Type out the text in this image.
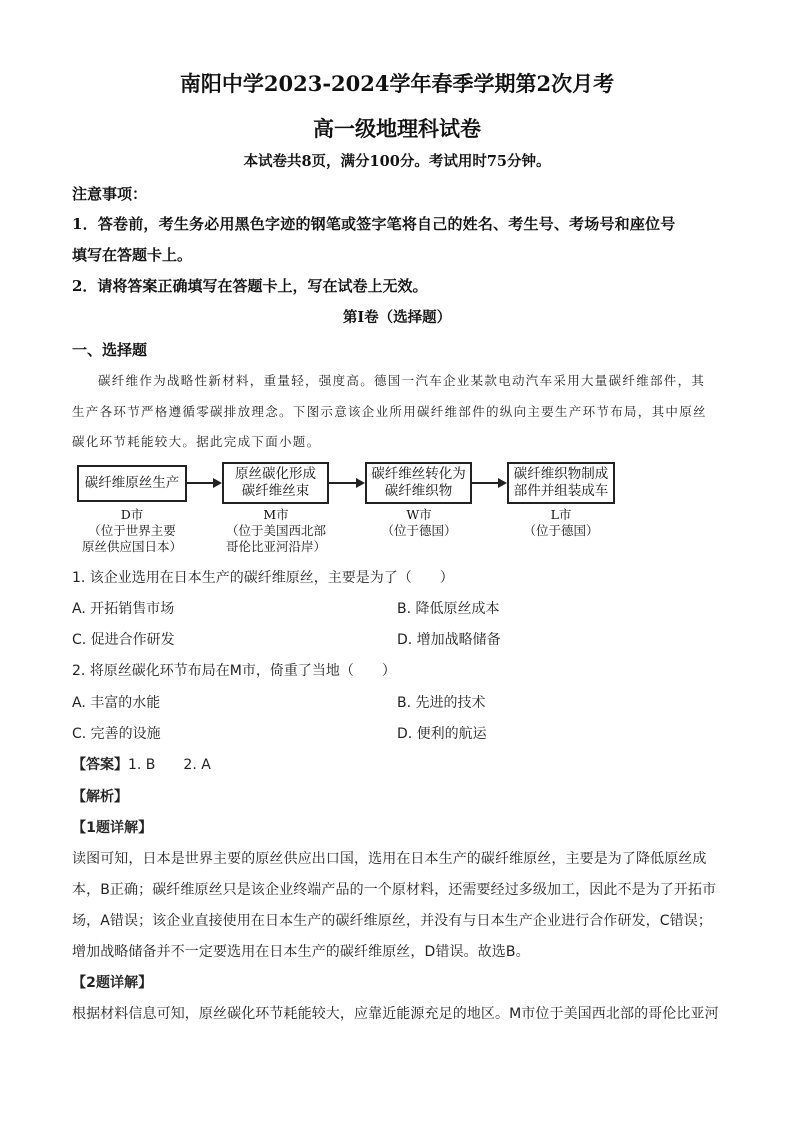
南阳中学2023-2024学年春季学期第2次月考
高一级地理科试卷
本试卷共8页，满分100分。考试用时75分钟。
注意事项：
1．答卷前，考生务必用黑色字迹的钢笔或签字笔将自己的姓名、考生号、考场号和座位号
填写在答题卡上。
2．请将答案正确填写在答题卡上，写在试卷上无效。
第Ⅰ卷（选择题）
一、选择题
碳纤维作为战略性新材料，重量轻，强度高。德国一汽车企业某款电动汽车采用大量碳纤维部件，其
生产各环节严格遵循零碳排放理念。下图示意该企业所用碳纤维部件的纵向主要生产环节布局，其中原丝
碳化环节耗能较大。据此完成下面小题。
碳纤维原丝生产
原丝碳化形成碳纤维丝束
碳纤维丝转化为碳纤维织物
碳纤维织物制成部件并组装成车
D市
（位于世界主要
原丝供应国日本）
M市
（位于美国西北部
哥伦比亚河沿岸）
W市
（位于德国）
L市
（位于德国）
1. 该企业选用在日本生产的碳纤维原丝，主要是为了（　　）
A. 开拓销售市场	B. 降低原丝成本
C. 促进合作研发	D. 增加战略储备
2. 将原丝碳化环节布局在M市，倚重了当地（　　）
A. 丰富的水能	B. 先进的技术
C. 完善的设施	D. 便利的航运
【答案】1. B　　2. A
【解析】
【1题详解】
读图可知，日本是世界主要的原丝供应出口国，选用在日本生产的碳纤维原丝，主要是为了降低原丝成
本，B正确；碳纤维原丝只是该企业终端产品的一个原材料，还需要经过多级加工，因此不是为了开拓市
场，A错误；该企业直接使用在日本生产的碳纤维原丝，并没有与日本生产企业进行合作研发，C错误；
增加战略储备并不一定要选用在日本生产的碳纤维原丝，D错误。故选B。
【2题详解】
根据材料信息可知，原丝碳化环节耗能较大，应靠近能源充足的地区。M市位于美国西北部的哥伦比亚河
